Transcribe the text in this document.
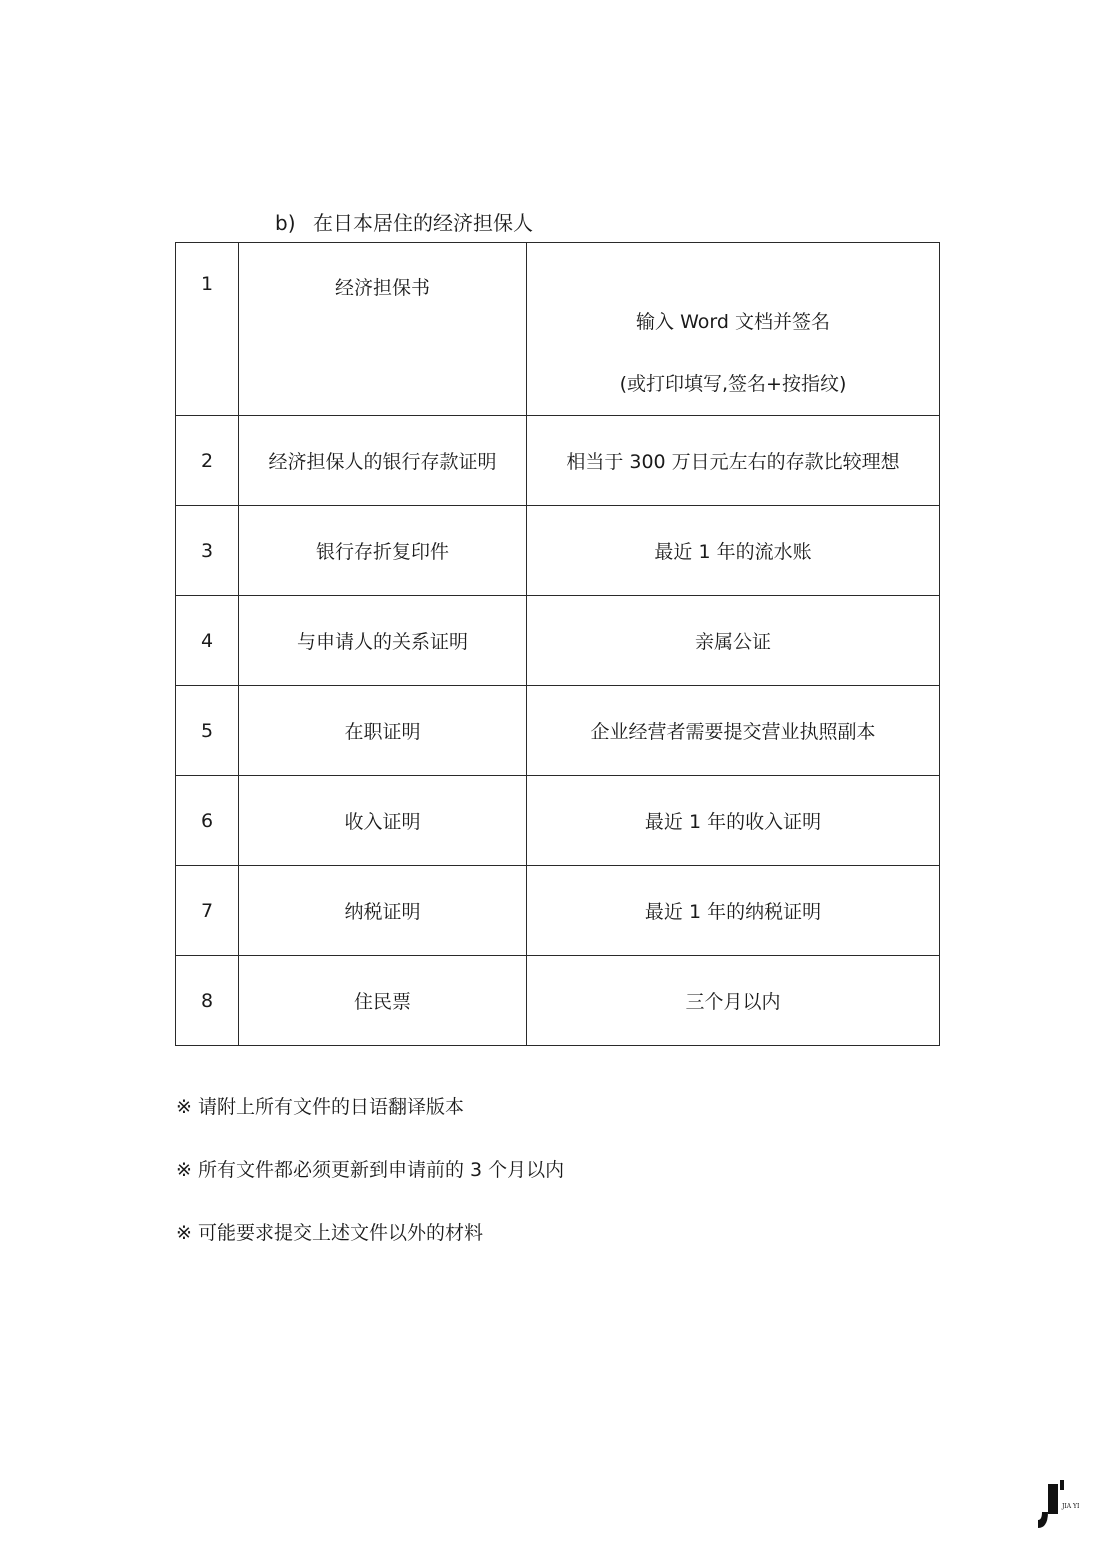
b) 在日本居住的经济担保人
1	经济担保书	输入 Word 文档并签名
(或打印填写,签名+按指纹)

2	经济担保人的银行存款证明	相当于 300 万日元左右的存款比较理想
3	银行存折复印件	最近 1 年的流水账
4	与申请人的关系证明	亲属公证
5	在职证明	企业经营者需要提交营业执照副本
6	收入证明	最近 1 年的收入证明
7	纳税证明	最近 1 年的纳税证明
8	住民票	三个月以内
※ 请附上所有文件的日语翻译版本
※ 所有文件都必须更新到申请前的 3 个月以内
※ 可能要求提交上述文件以外的材料
JIA YI
